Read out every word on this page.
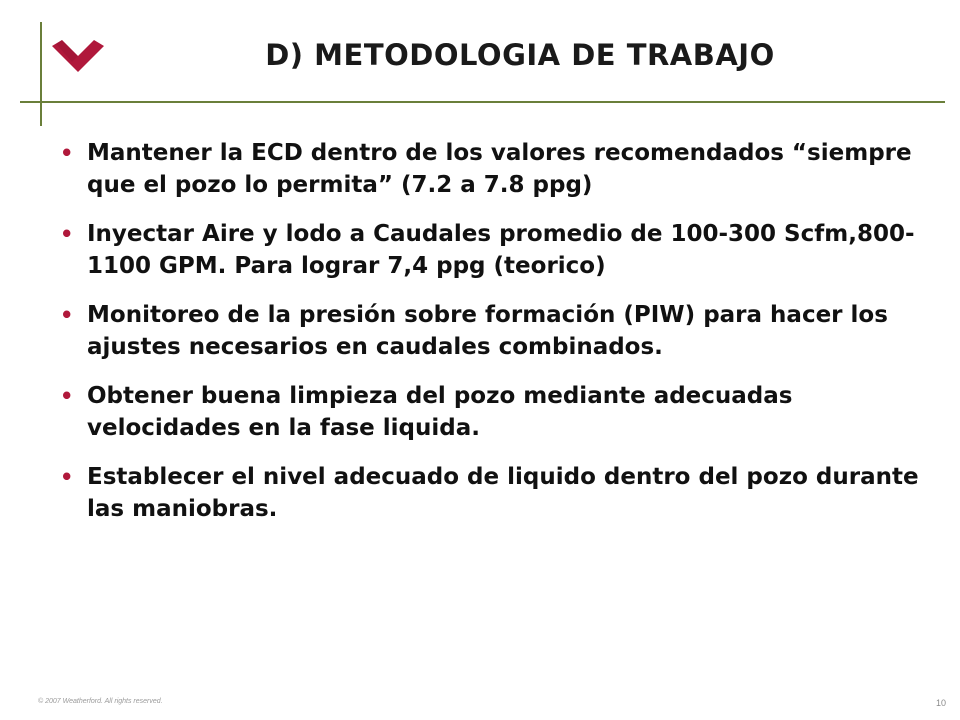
D) METODOLOGIA DE TRABAJO
• Mantener la ECD dentro de los valores recomendados “siempre que el pozo lo permita” (7.2 a 7.8 ppg)
• Inyectar Aire y lodo a Caudales promedio de 100-300 Scfm,800-1100 GPM. Para lograr 7,4 ppg (teorico)
• Monitoreo de la presión sobre formación (PIW) para hacer los ajustes necesarios en caudales combinados.
• Obtener buena limpieza del pozo mediante adecuadas velocidades en la fase liquida.
• Establecer el nivel adecuado de liquido dentro del pozo durante las maniobras.
© 2007 Weatherford. All rights reserved.	10
